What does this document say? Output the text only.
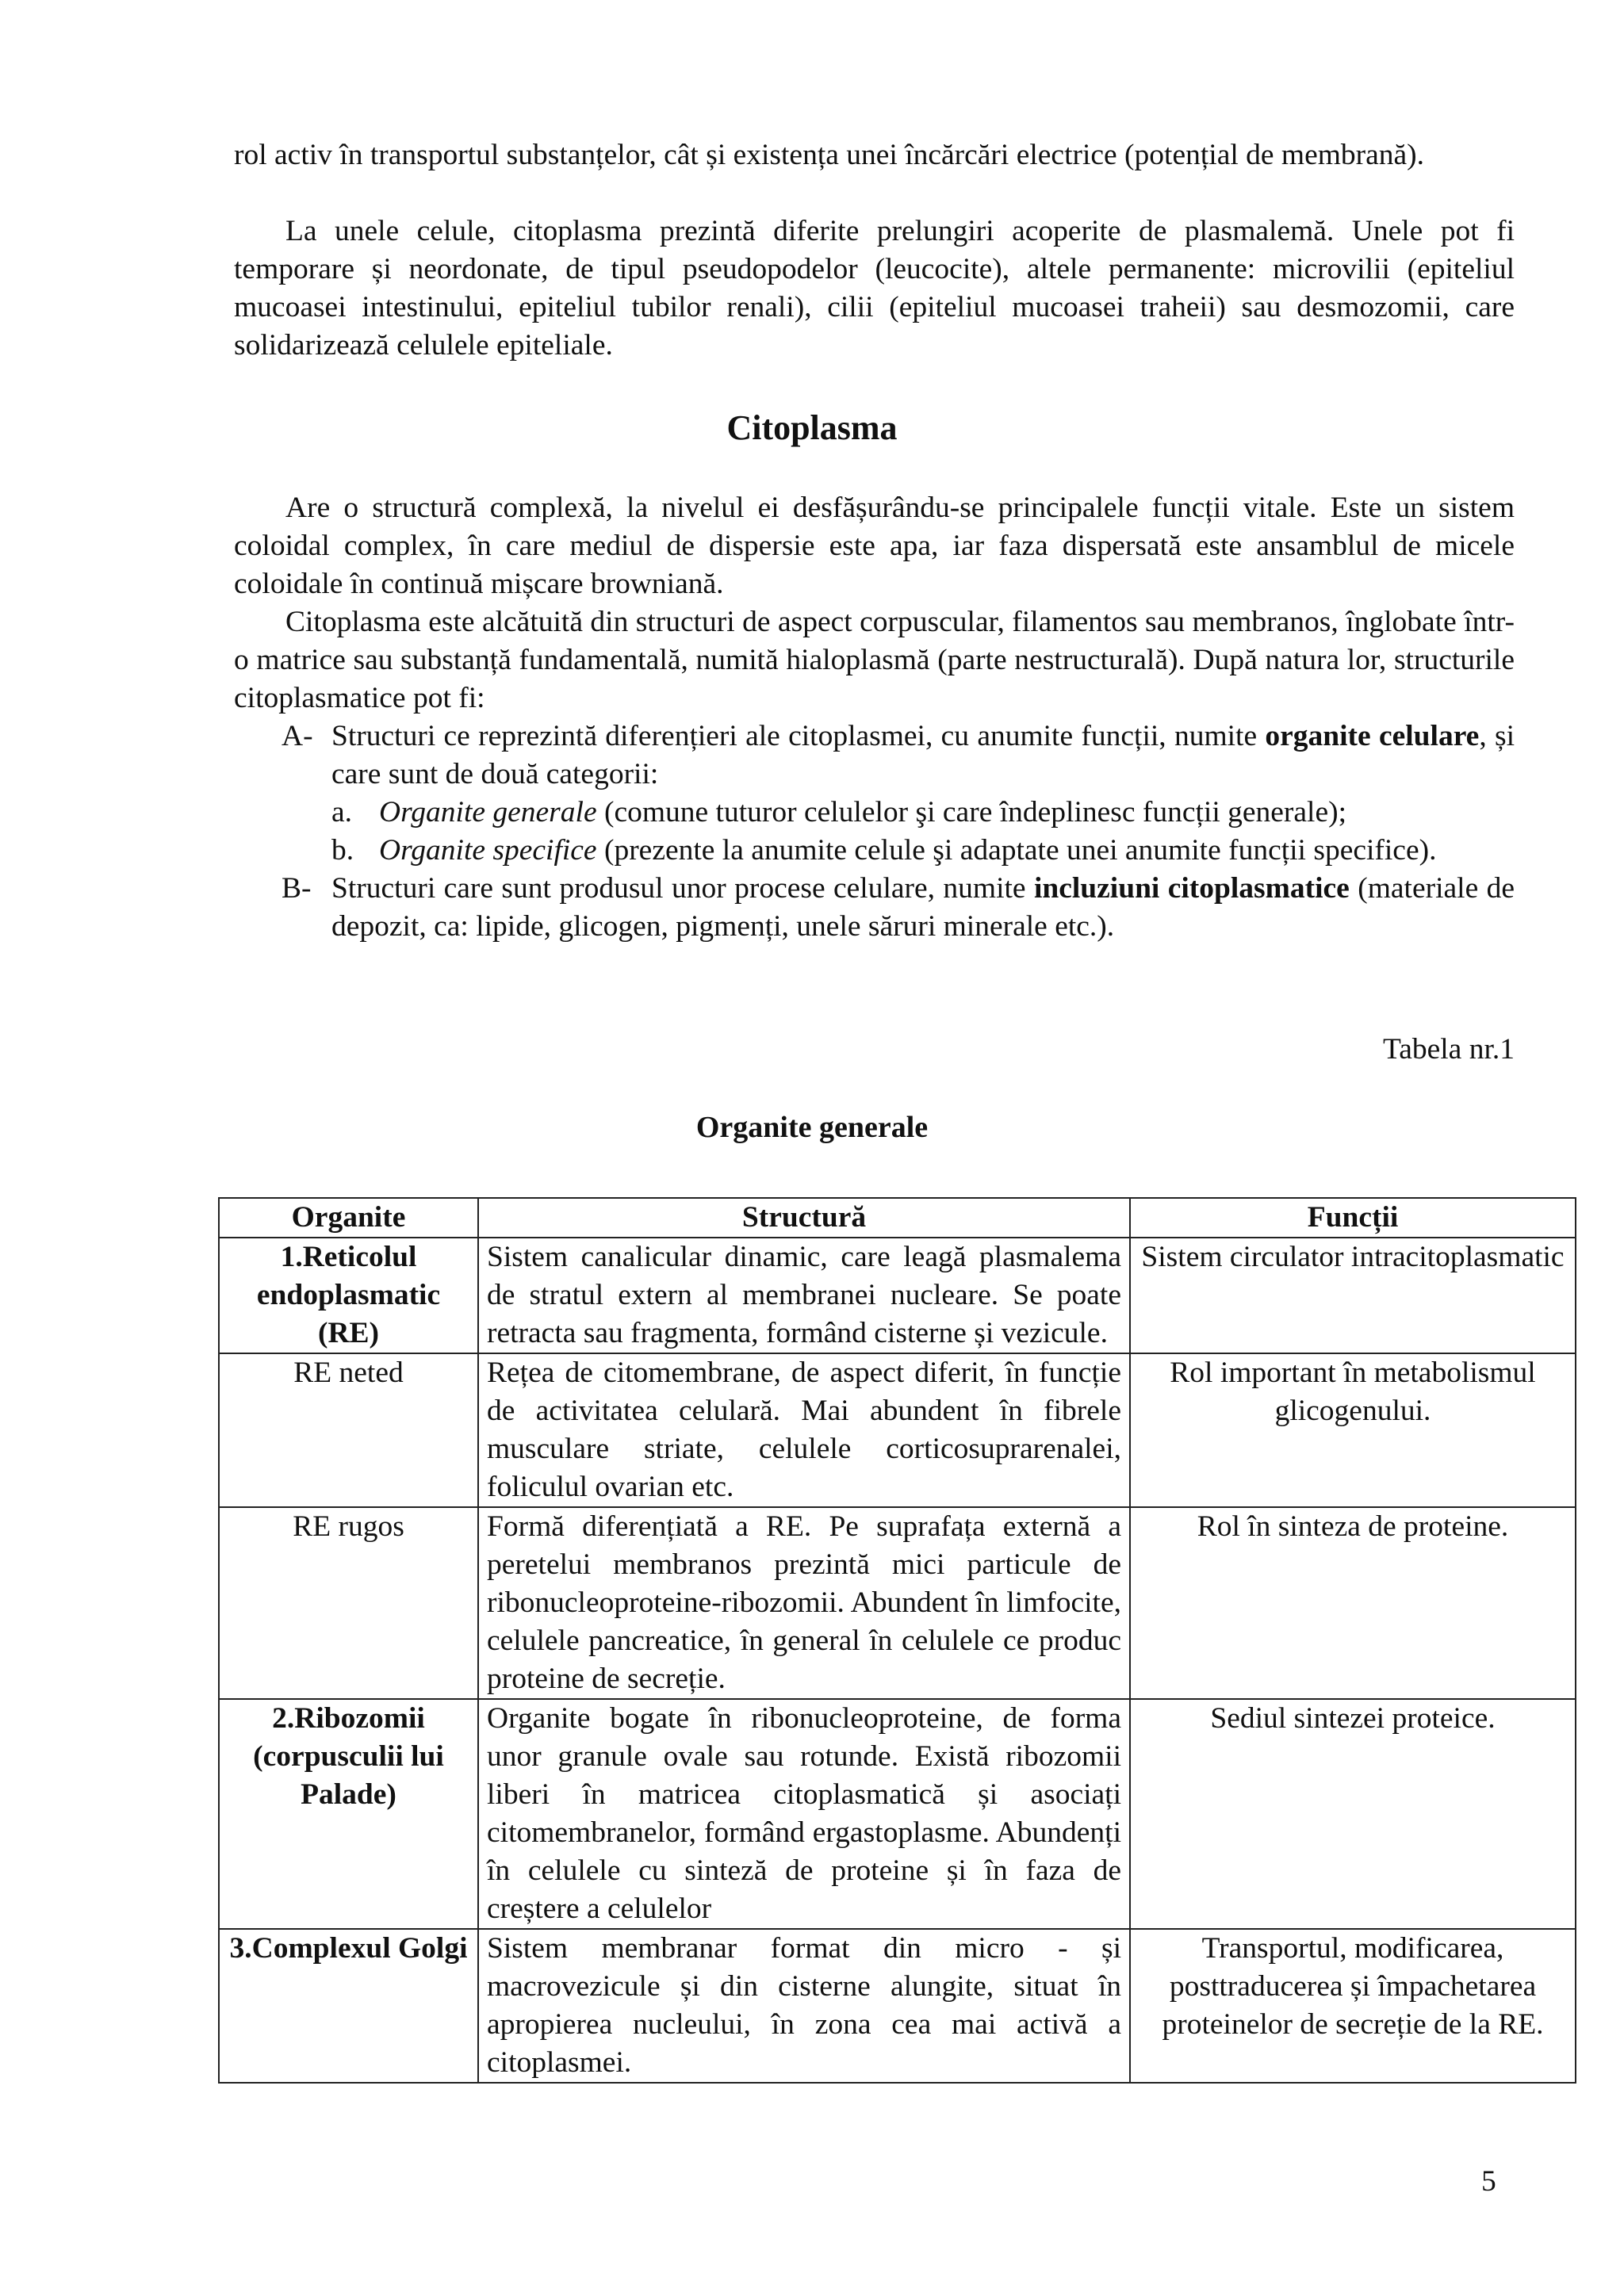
rol activ în transportul substanțelor, cât și existența unei încărcări electrice (potențial de membrană).

La unele celule, citoplasma prezintă diferite prelungiri acoperite de plasmalemă. Unele pot fi temporare și neordonate, de tipul pseudopodelor (leucocite), altele permanente: microvilii (epiteliul mucoasei intestinului, epiteliul tubilor renali), cilii (epiteliul mucoasei traheii) sau desmozomii, care solidarizează celulele epiteliale.

Citoplasma

Are o structură complexă, la nivelul ei desfășurându-se principalele funcții vitale. Este un sistem coloidal complex, în care mediul de dispersie este apa, iar faza dispersată este ansamblul de micele coloidale în continuă mișcare browniană.

Citoplasma este alcătuită din structuri de aspect corpuscular, filamentos sau membranos, înglobate într-o matrice sau substanță fundamentală, numită hialoplasmă (parte nestructurală). După natura lor, structurile citoplasmatice pot fi:

A- Structuri ce reprezintă diferențieri ale citoplasmei, cu anumite funcții, numite organite celulare, și care sunt de două categorii:
a. Organite generale (comune tuturor celulelor şi care îndeplinesc funcții generale);
b. Organite specifice (prezente la anumite celule şi adaptate unei anumite funcții specifice).
B- Structuri care sunt produsul unor procese celulare, numite incluziuni citoplasmatice (materiale de depozit, ca: lipide, glicogen, pigmenți, unele săruri minerale etc.).
Tabela nr.1
Organite generale
Organite	Structură	Funcții
1.Reticolul endoplasmatic (RE)	Sistem canalicular dinamic, care leagă plasmalema de stratul extern al membranei nucleare. Se poate retracta sau fragmenta, formând cisterne și vezicule.	Sistem circulator intracitoplasmatic
RE neted	Rețea de citomembrane, de aspect diferit, în funcție de activitatea celulară. Mai abundent în fibrele musculare striate, celulele corticosuprarenalei, foliculul ovarian etc.	Rol important în metabolismul glicogenului.
RE rugos	Formă diferențiată a RE. Pe suprafața externă a peretelui membranos prezintă mici particule de ribonucleoproteine-ribozomii. Abundent în limfocite, celulele pancreatice, în general în celulele ce produc proteine de secreție.	Rol în sinteza de proteine.
2.Ribozomii (corpusculii lui Palade)	Organite bogate în ribonucleoproteine, de forma unor granule ovale sau rotunde. Există ribozomii liberi în matricea citoplasmatică și asociați citomembranelor, formând ergastoplasme. Abundenți în celulele cu sinteză de proteine și în faza de creștere a celulelor	Sediul sintezei proteice.
3.Complexul Golgi	Sistem membranar format din micro - și macrovezicule și din cisterne alungite, situat în apropierea nucleului, în zona cea mai activă a citoplasmei.	Transportul, modificarea, posttraducerea și împachetarea proteinelor de secreție de la RE.
5
